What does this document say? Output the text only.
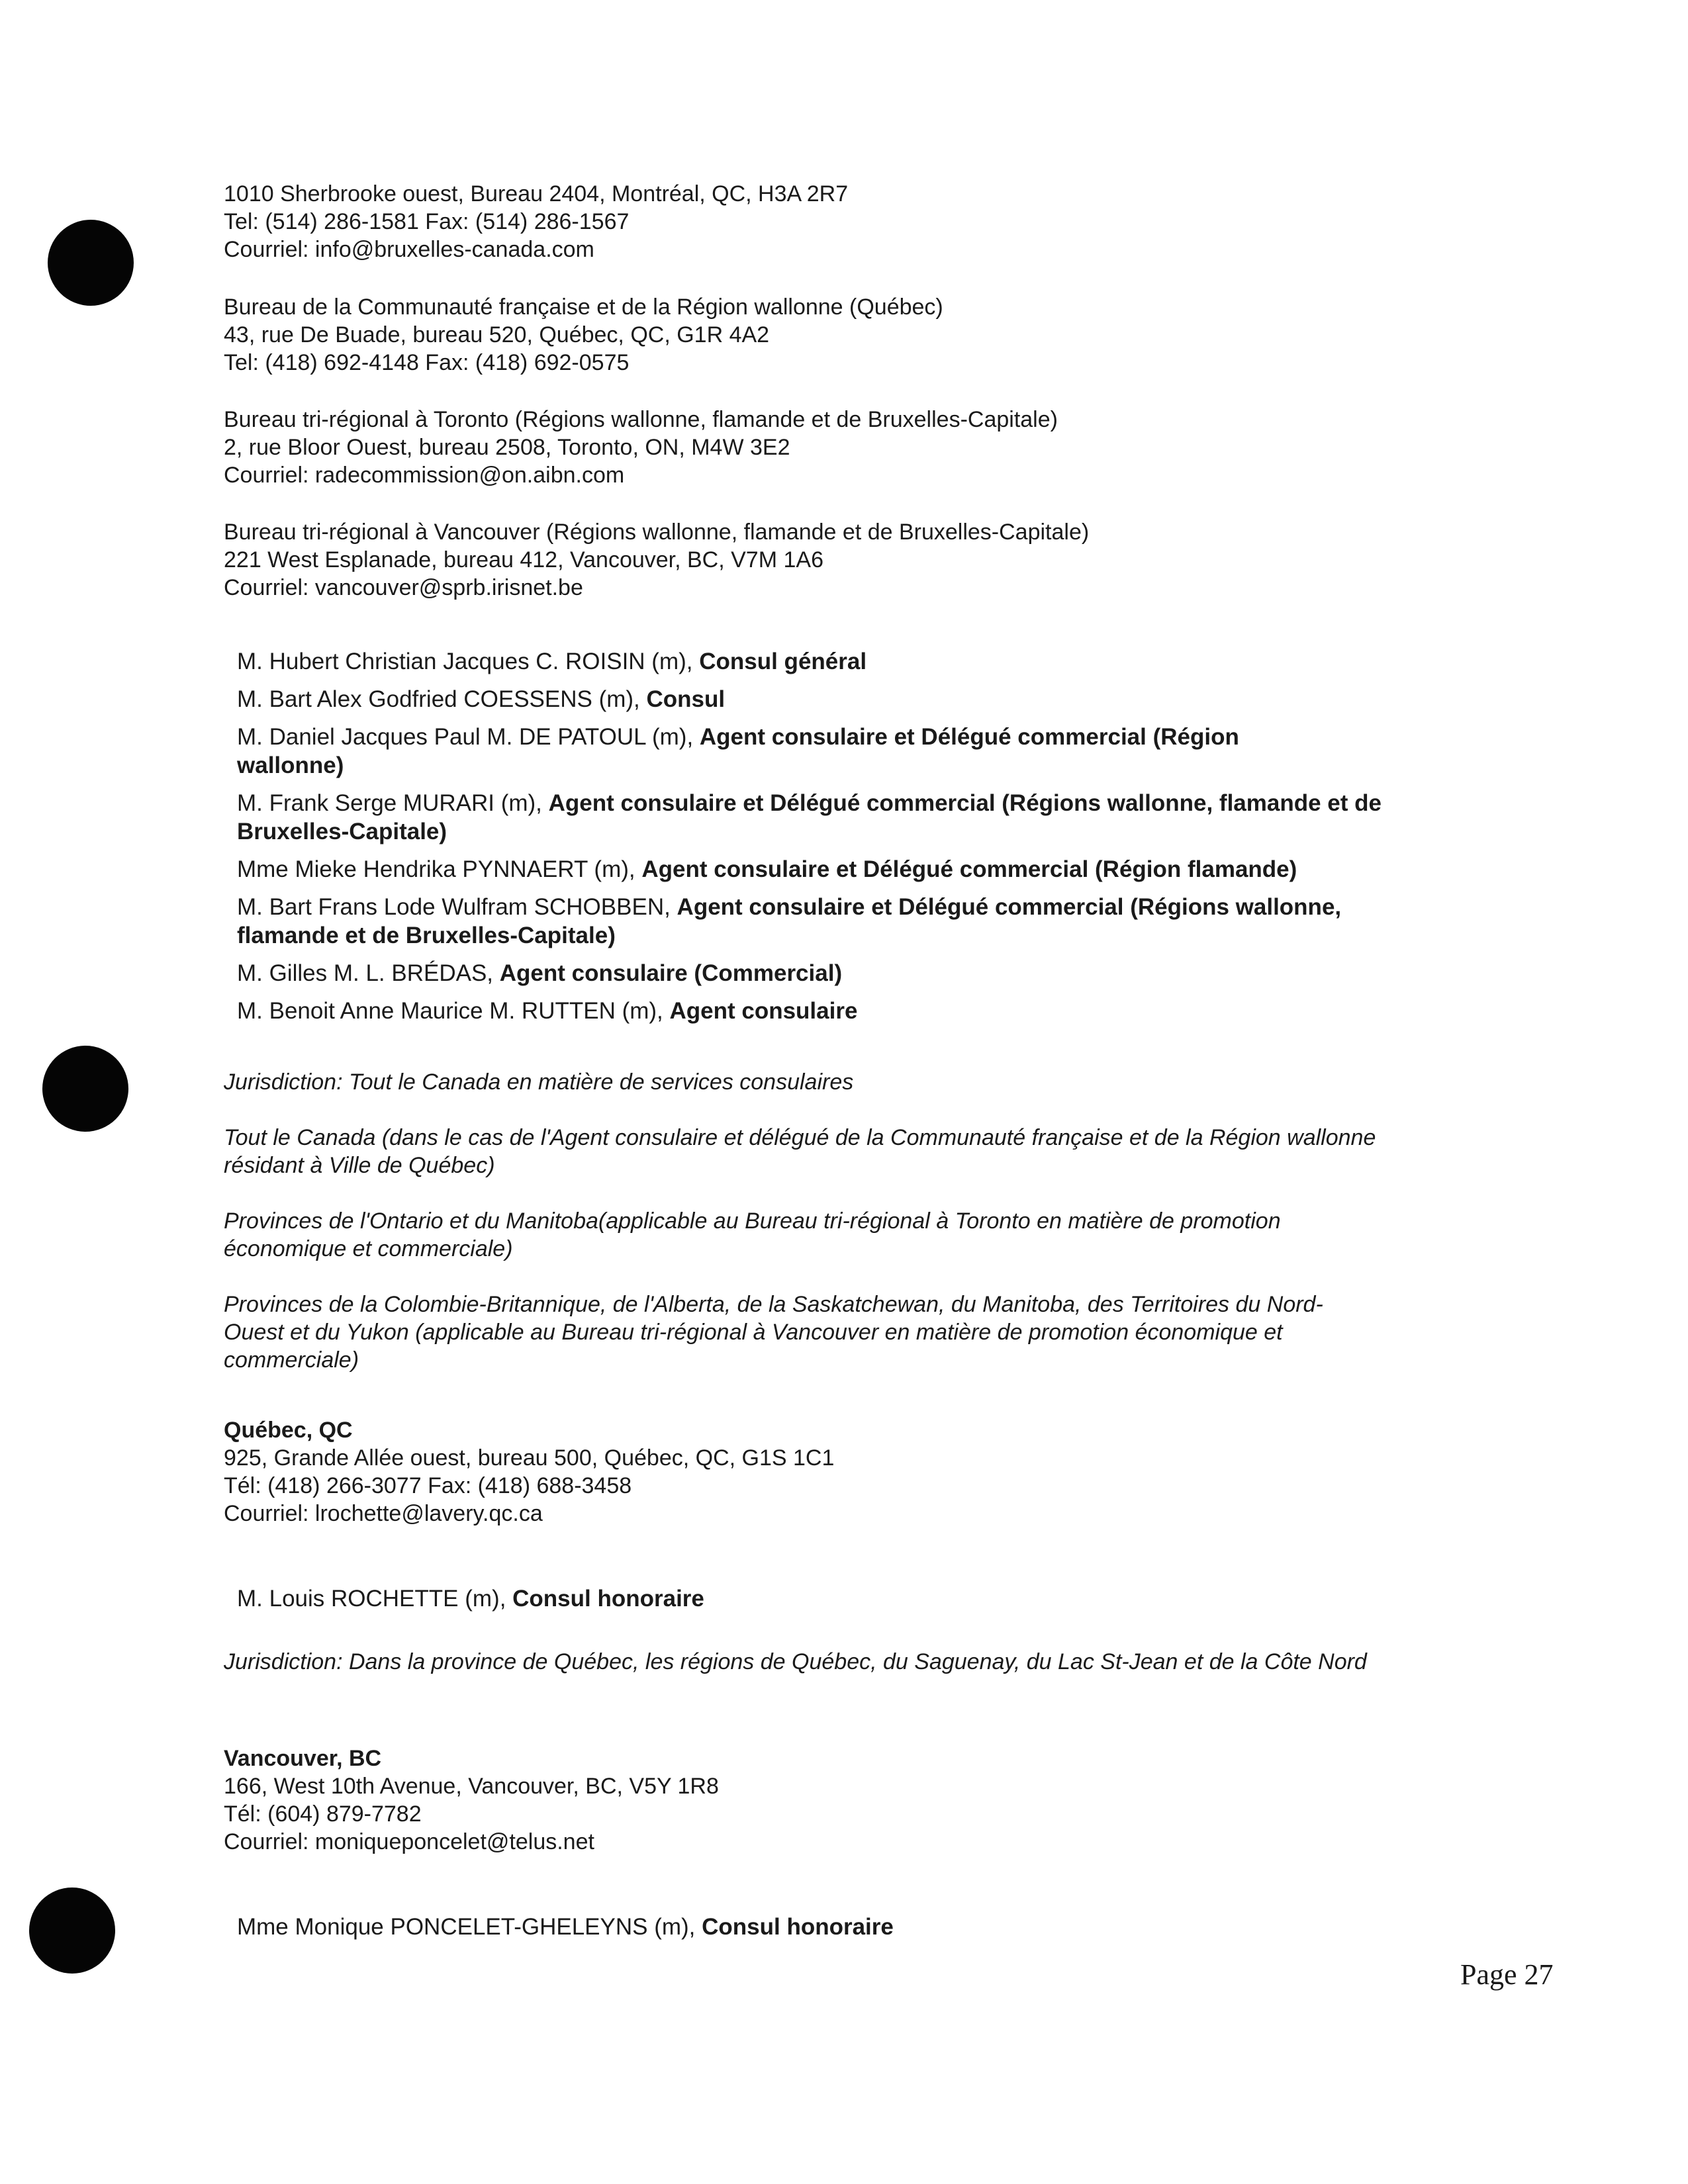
1010 Sherbrooke ouest, Bureau 2404, Montréal, QC, H3A 2R7
Tel: (514) 286-1581 Fax: (514) 286-1567
Courriel: info@bruxelles-canada.com
Bureau de la Communauté française et de la Région wallonne (Québec)
43, rue De Buade, bureau 520, Québec, QC, G1R 4A2
Tel: (418) 692-4148 Fax: (418) 692-0575
Bureau tri-régional à Toronto (Régions wallonne, flamande et de Bruxelles-Capitale)
2, rue Bloor Ouest, bureau 2508, Toronto, ON, M4W 3E2
Courriel: radecommission@on.aibn.com
Bureau tri-régional à Vancouver (Régions wallonne, flamande et de Bruxelles-Capitale)
221 West Esplanade, bureau 412, Vancouver, BC, V7M 1A6
Courriel: vancouver@sprb.irisnet.be
M. Hubert Christian Jacques C. ROISIN (m), Consul général
M. Bart Alex Godfried COESSENS (m), Consul
M. Daniel Jacques Paul M. DE PATOUL (m), Agent consulaire et Délégué commercial (Région wallonne)
M. Frank Serge MURARI (m), Agent consulaire et Délégué commercial (Régions wallonne, flamande et de Bruxelles-Capitale)
Mme Mieke Hendrika PYNNAERT (m), Agent consulaire et Délégué commercial (Région flamande)
M. Bart Frans Lode Wulfram SCHOBBEN, Agent consulaire et Délégué commercial (Régions wallonne, flamande et de Bruxelles-Capitale)
M. Gilles M. L. BRÉDAS, Agent consulaire (Commercial)
M. Benoit Anne Maurice M. RUTTEN (m), Agent consulaire
Jurisdiction: Tout le Canada en matière de services consulaires
Tout le Canada (dans le cas de l'Agent consulaire et délégué de la Communauté française et de la Région wallonne résidant à Ville de Québec)
Provinces de l'Ontario et du Manitoba(applicable au Bureau tri-régional à Toronto en matière de promotion économique et commerciale)
Provinces de la Colombie-Britannique, de l'Alberta, de la Saskatchewan, du Manitoba, des Territoires du Nord-Ouest et du Yukon (applicable au Bureau tri-régional à Vancouver en matière de promotion économique et commerciale)
Québec, QC
925, Grande Allée ouest, bureau 500, Québec, QC, G1S 1C1
Tél: (418) 266-3077 Fax: (418) 688-3458
Courriel: lrochette@lavery.qc.ca
M. Louis ROCHETTE (m), Consul honoraire
Jurisdiction: Dans la province de Québec, les régions de Québec, du Saguenay, du Lac St-Jean et de la Côte Nord
Vancouver, BC
166, West 10th Avenue, Vancouver, BC, V5Y 1R8
Tél: (604) 879-7782
Courriel: moniqueponcelet@telus.net
Mme Monique PONCELET-GHELEYNS (m), Consul honoraire
Page 27
